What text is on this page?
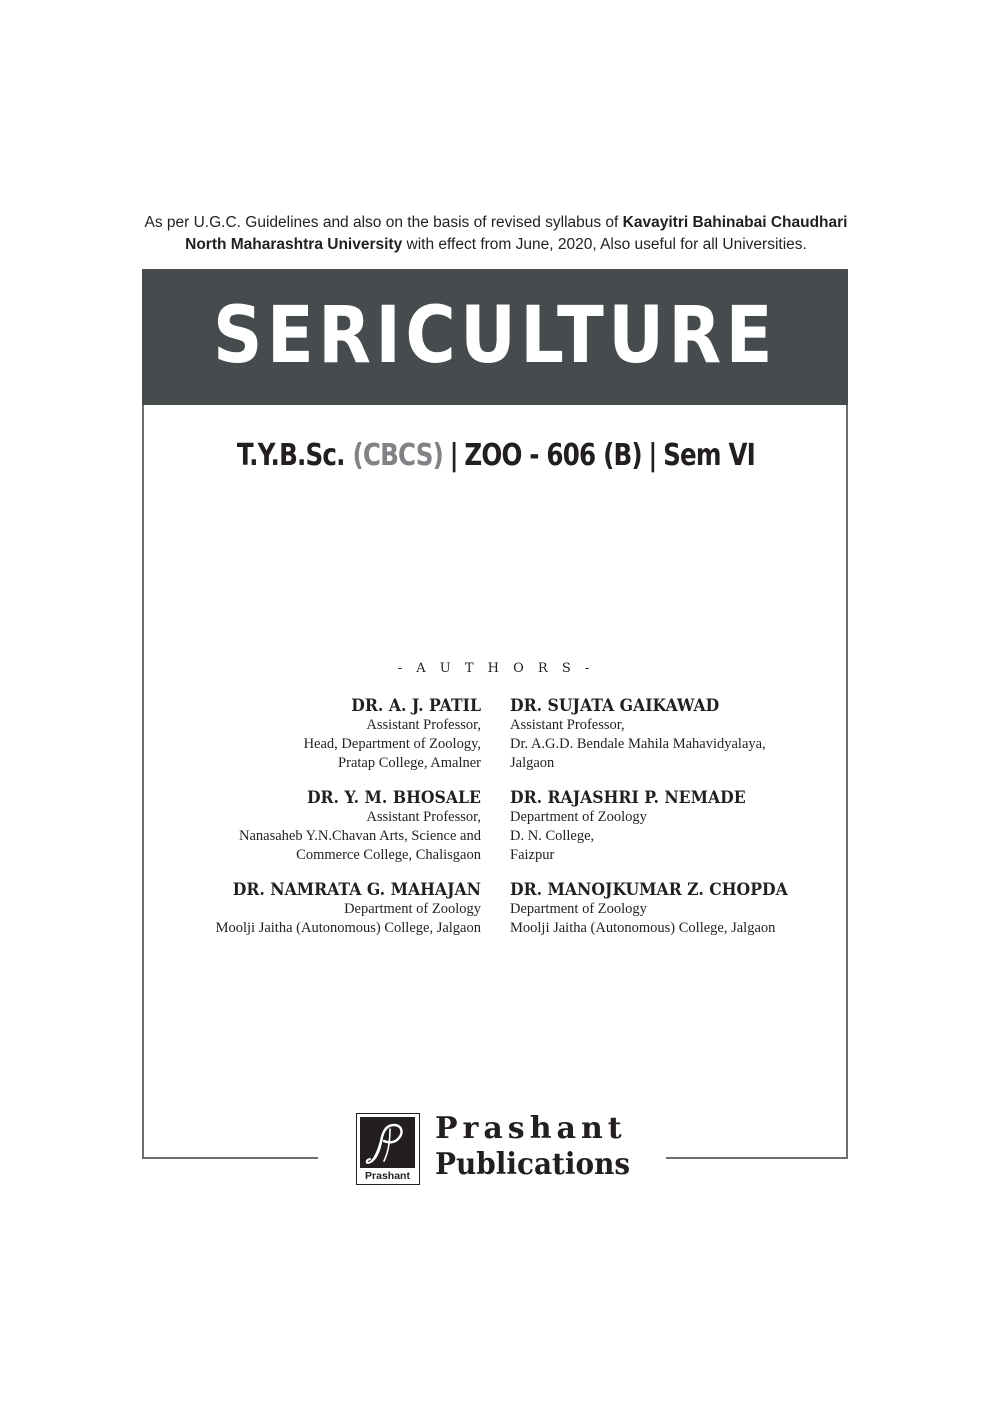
As per U.G.C. Guidelines and also on the basis of revised syllabus of Kavayitri Bahinabai Chaudhari
North Maharashtra University with effect from June, 2020, Also useful for all Universities.
SERICULTURE
T.Y.B.Sc. (CBCS) | ZOO - 606 (B) | Sem VI
- A U T H O R S -
DR. A. J. PATIL
Assistant Professor,
Head, Department of Zoology,
Pratap College, Amalner
DR. Y. M. BHOSALE
Assistant Professor,
Nanasaheb Y.N.Chavan Arts, Science and
Commerce College, Chalisgaon
DR. NAMRATA G. MAHAJAN
Department of Zoology
Moolji Jaitha (Autonomous) College, Jalgaon
DR. SUJATA GAIKAWAD
Assistant Professor,
Dr. A.G.D. Bendale Mahila Mahavidyalaya,
Jalgaon
DR. RAJASHRI P. NEMADE
Department of Zoology
D. N. College,
Faizpur
DR. MANOJKUMAR Z. CHOPDA
Department of Zoology
Moolji Jaitha (Autonomous) College, Jalgaon
Prashant
Prashant
Publications
